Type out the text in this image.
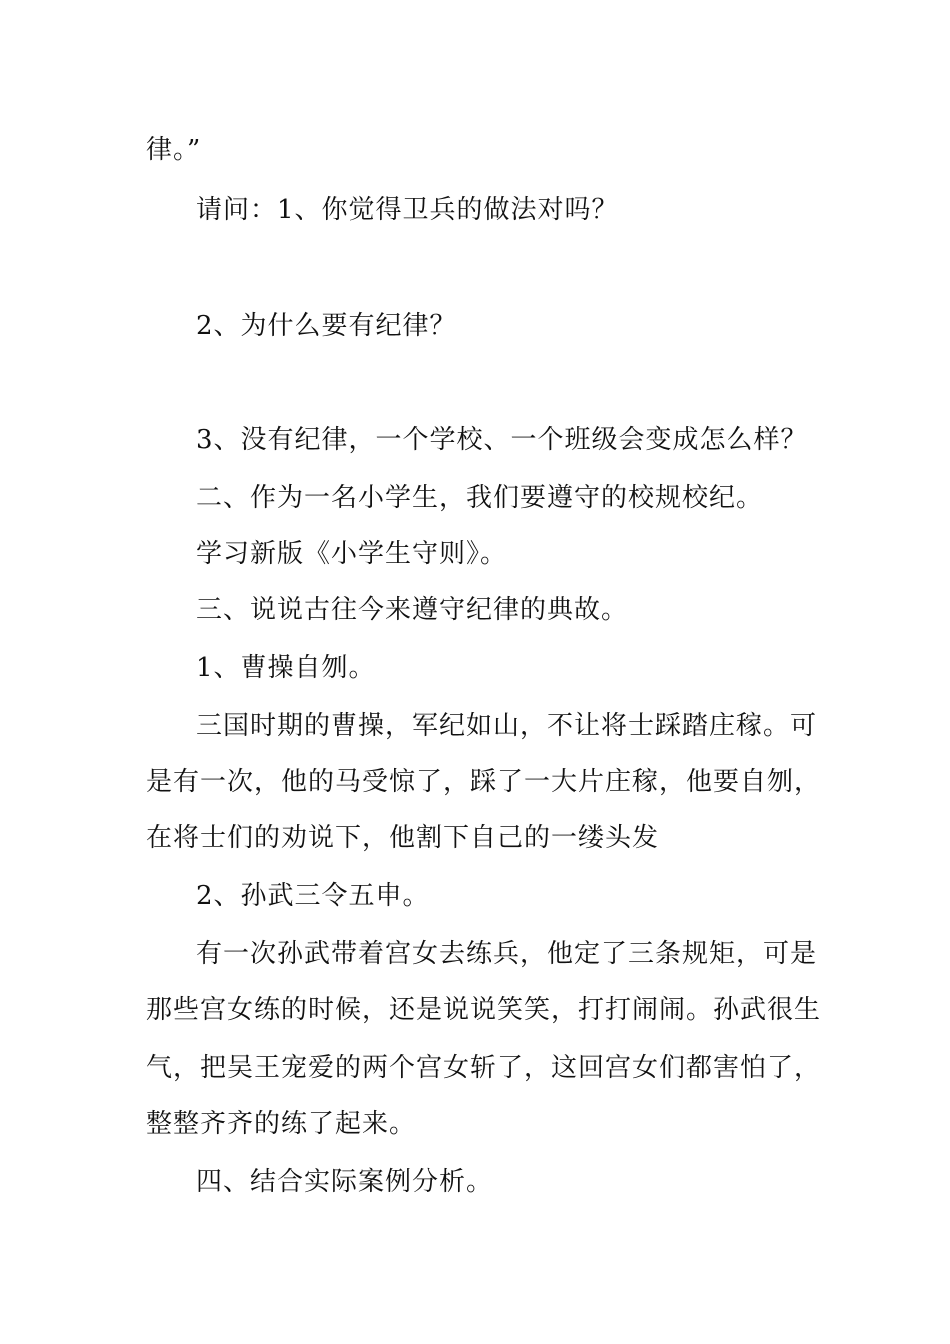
律。”
请问：1、你觉得卫兵的做法对吗？
2、为什么要有纪律？
3、没有纪律，一个学校、一个班级会变成怎么样？
二、作为一名小学生，我们要遵守的校规校纪。
学习新版《小学生守则》。
三、说说古往今来遵守纪律的典故。
1、曹操自刎。
三国时期的曹操，军纪如山，不让将士踩踏庄稼。可
是有一次，他的马受惊了，踩了一大片庄稼，他要自刎，
在将士们的劝说下，他割下自己的一缕头发
2、孙武三令五申。
有一次孙武带着宫女去练兵，他定了三条规矩，可是
那些宫女练的时候，还是说说笑笑，打打闹闹。孙武很生
气，把吴王宠爱的两个宫女斩了，这回宫女们都害怕了，
整整齐齐的练了起来。
四、结合实际案例分析。
